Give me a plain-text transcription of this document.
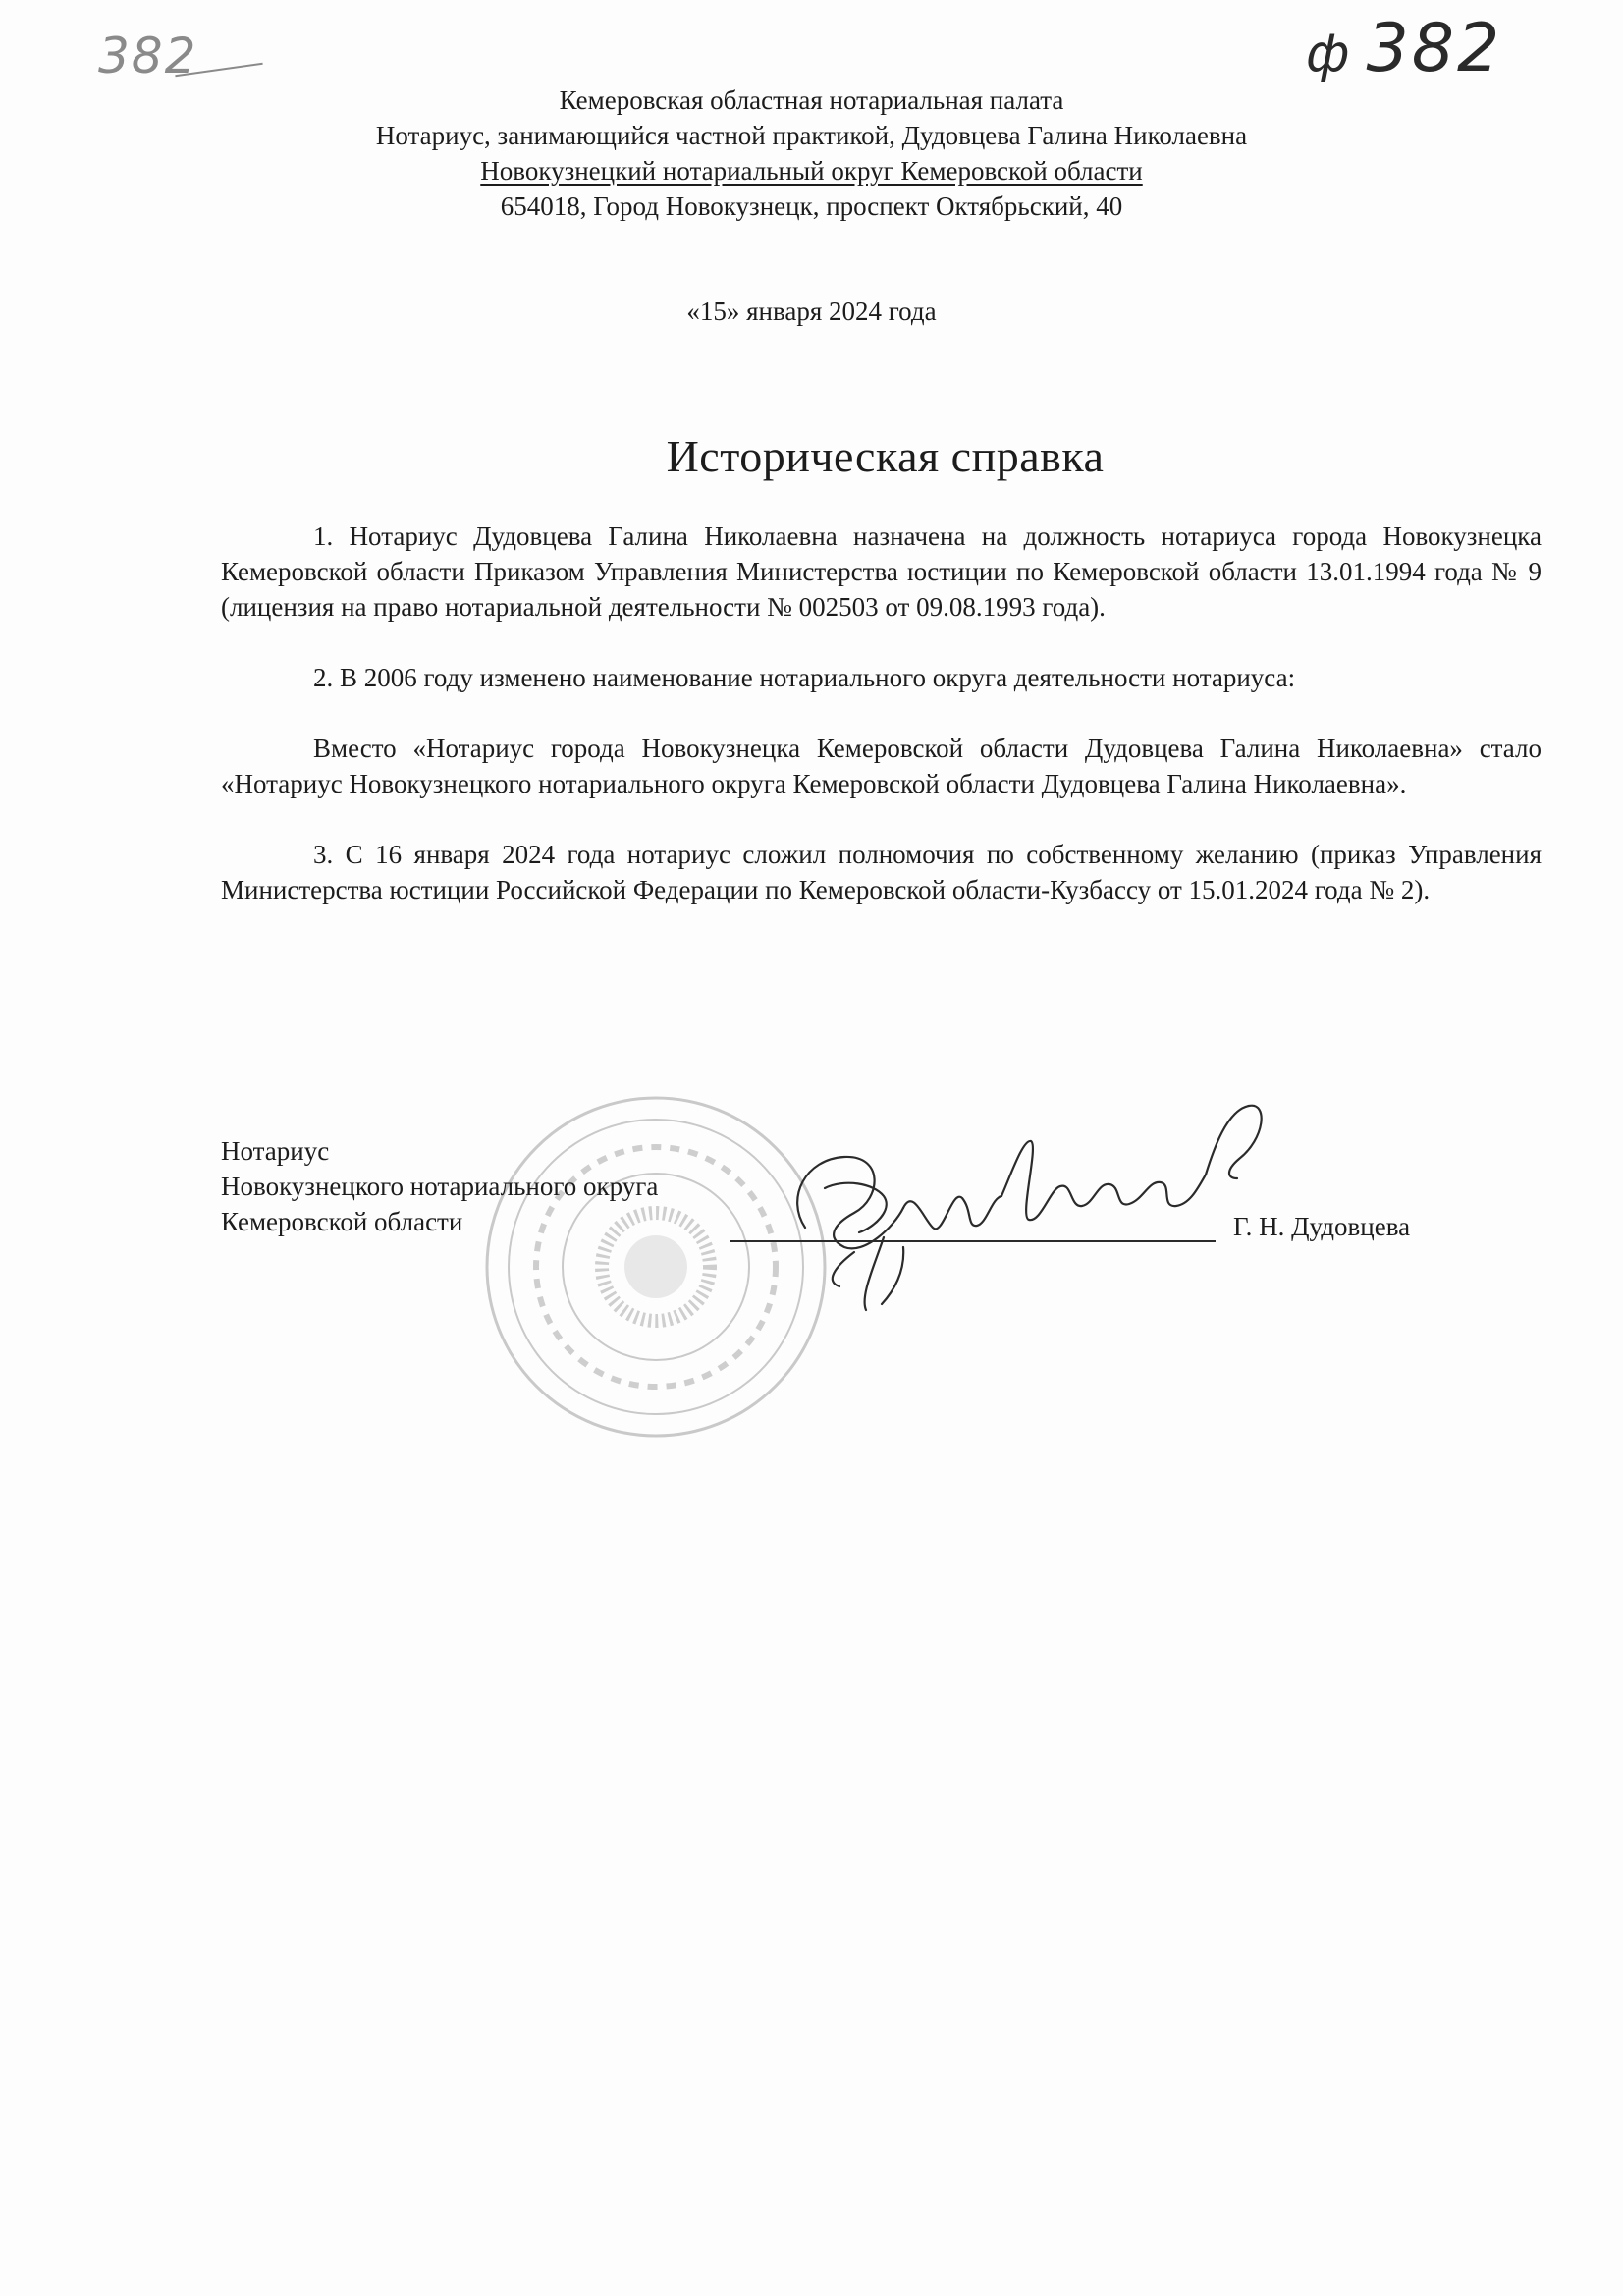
382	ф 382
Кемеровская областная нотариальная палата
Нотариус, занимающийся частной практикой, Дудовцева Галина Николаевна
Новокузнецкий нотариальный округ Кемеровской области
654018, Город Новокузнецк, проспект Октябрьский, 40
«15» января 2024 года
Историческая справка

1. Нотариус Дудовцева Галина Николаевна назначена на должность нотариуса города Новокузнецка Кемеровской области Приказом Управления Министерства юстиции по Кемеровской области 13.01.1994 года № 9 (лицензия на право нотариальной деятельности № 002503 от 09.08.1993 года).

2. В 2006 году изменено наименование нотариального округа деятельности нотариуса:

Вместо «Нотариус города Новокузнецка Кемеровской области Дудовцева Галина Николаевна» стало «Нотариус Новокузнецкого нотариального округа Кемеровской области Дудовцева Галина Николаевна».

3. С 16 января 2024 года нотариус сложил полномочия по собственному желанию (приказ Управления Министерства юстиции Российской Федерации по Кемеровской области-Кузбассу от 15.01.2024 года № 2).

Нотариус
Новокузнецкого нотариального округа
Кемеровской области	Г. Н. Дудовцева
